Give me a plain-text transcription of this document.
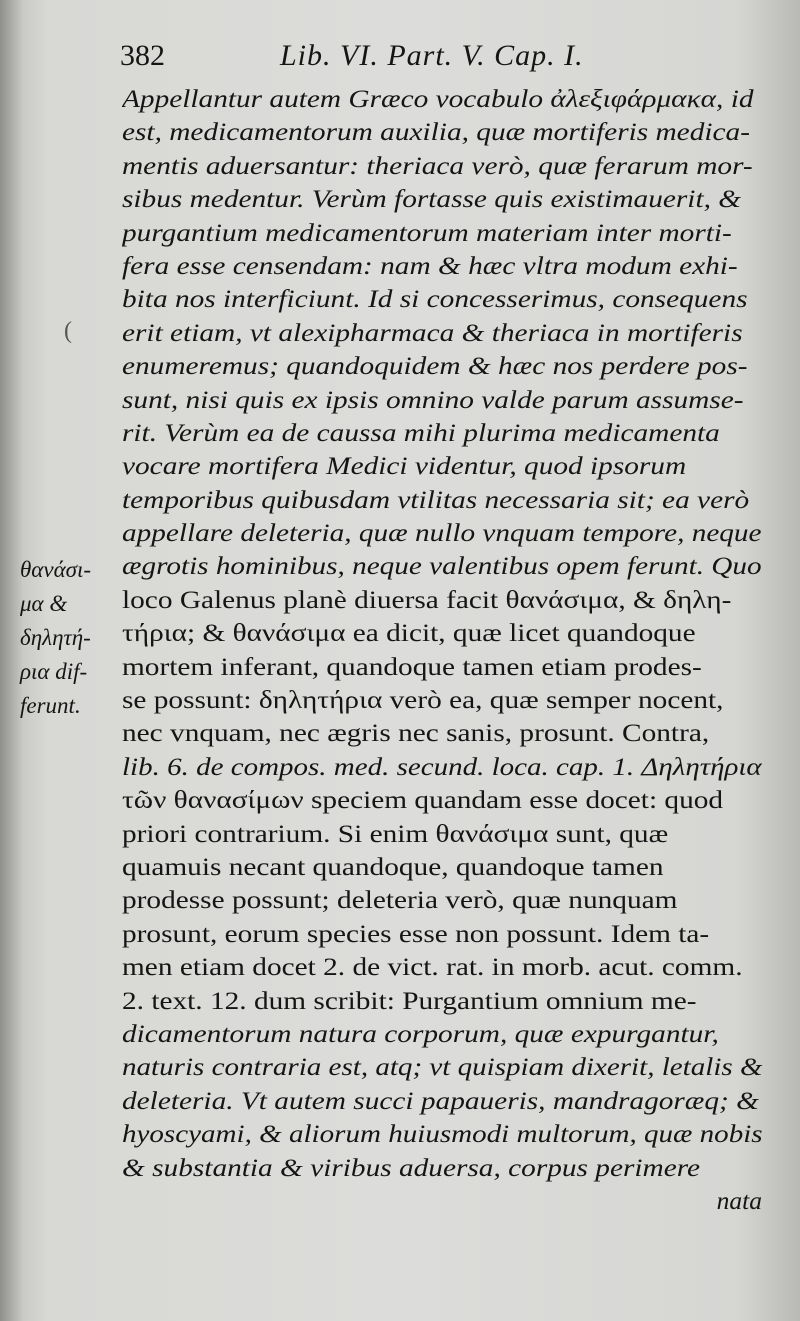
382	Lib. VI. Part. V. Cap. I.
(
θανάσι-
μα &
δηλητή-
ρια dif-
ferunt.
Appellantur autem Græco vocabulo ἀλεξιφάρμακα, id
est, medicamentorum auxilia, quæ mortiferis medica-
mentis aduersantur: theriaca verò, quæ ferarum mor-
sibus medentur. Verùm fortasse quis existimauerit, &
purgantium medicamentorum materiam inter morti-
fera esse censendam: nam & hæc vltra modum exhi-
bita nos interficiunt. Id si concesserimus, consequens
erit etiam, vt alexipharmaca & theriaca in mortiferis
enumeremus; quandoquidem & hæc nos perdere pos-
sunt, nisi quis ex ipsis omnino valde parum assumse-
rit. Verùm ea de caussa mihi plurima medicamenta
vocare mortifera Medici videntur, quod ipsorum
temporibus quibusdam vtilitas necessaria sit; ea verò
appellare deleteria, quæ nullo vnquam tempore, neque
ægrotis hominibus, neque valentibus opem ferunt. Quo
loco Galenus planè diuersa facit θανάσιμα, & δηλη-
τήρια; & θανάσιμα ea dicit, quæ licet quandoque
mortem inferant, quandoque tamen etiam prodes-
se possunt: δηλητήρια verò ea, quæ semper nocent,
nec vnquam, nec ægris nec sanis, prosunt. Contra,
lib. 6. de compos. med. secund. loca. cap. 1. Δηλητήρια
τῶν θανασίμων speciem quandam esse docet: quod
priori contrarium. Si enim θανάσιμα sunt, quæ
quamuis necant quandoque, quandoque tamen
prodesse possunt; deleteria verò, quæ nunquam
prosunt, eorum species esse non possunt. Idem ta-
men etiam docet 2. de vict. rat. in morb. acut. comm.
2. text. 12. dum scribit: Purgantium omnium me-
dicamentorum natura corporum, quæ expurgantur,
naturis contraria est, atq; vt quispiam dixerit, letalis &
deleteria. Vt autem succi papaueris, mandragoræq; &
hyoscyami, & aliorum huiusmodi multorum, quæ nobis
& substantia & viribus aduersa, corpus perimere
nata
